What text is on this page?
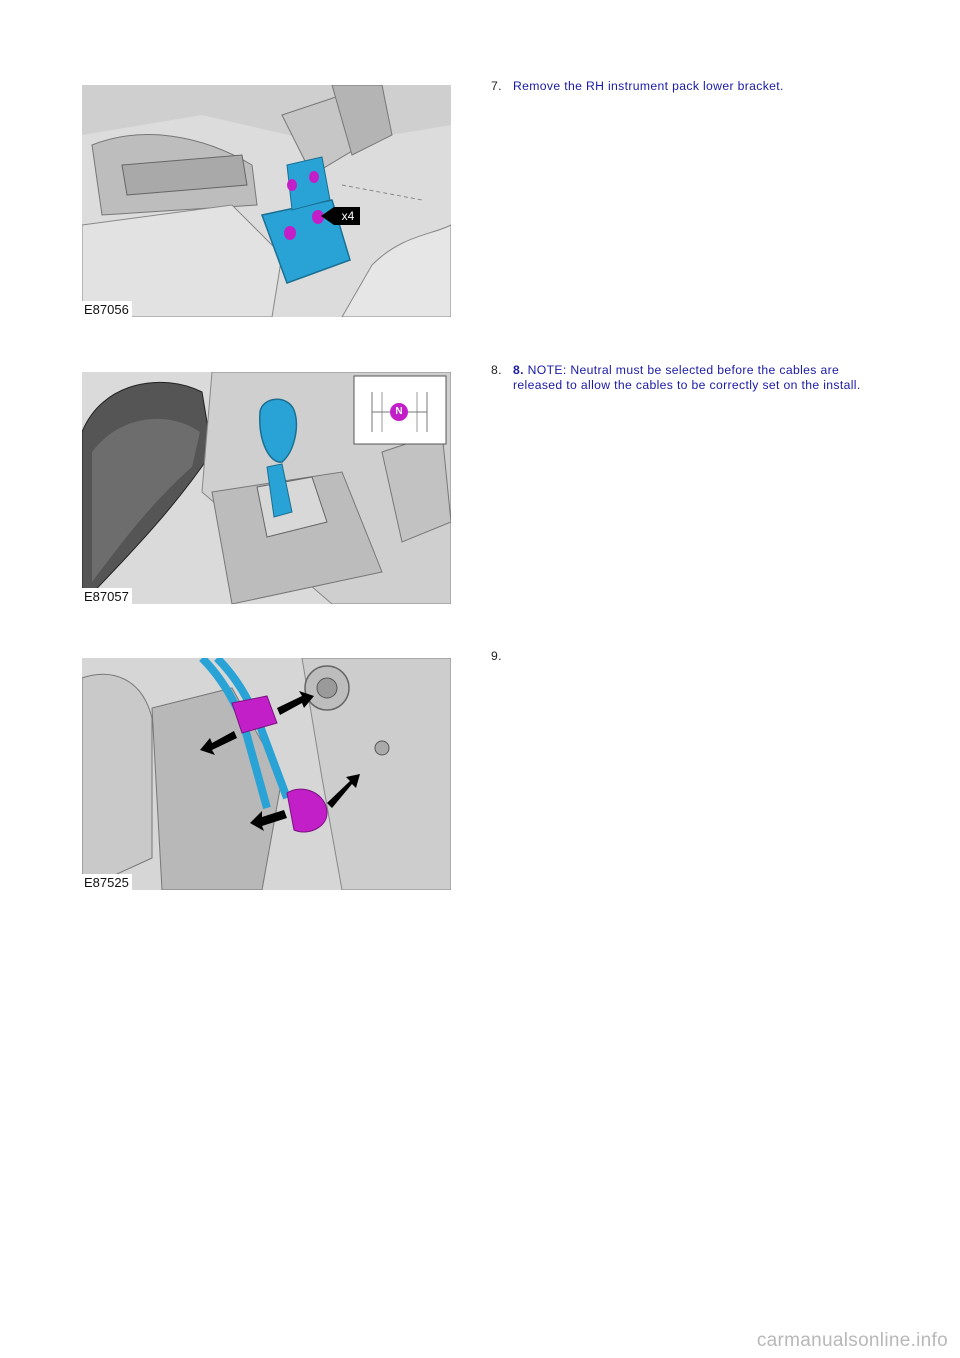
x4
E87056
7. Remove the RH instrument pack lower bracket.
N
E87057
8. 8. NOTE: Neutral must be selected before the cables are released to allow the cables to be correctly set on the install.
E87525
9.
carmanualsonline.info
